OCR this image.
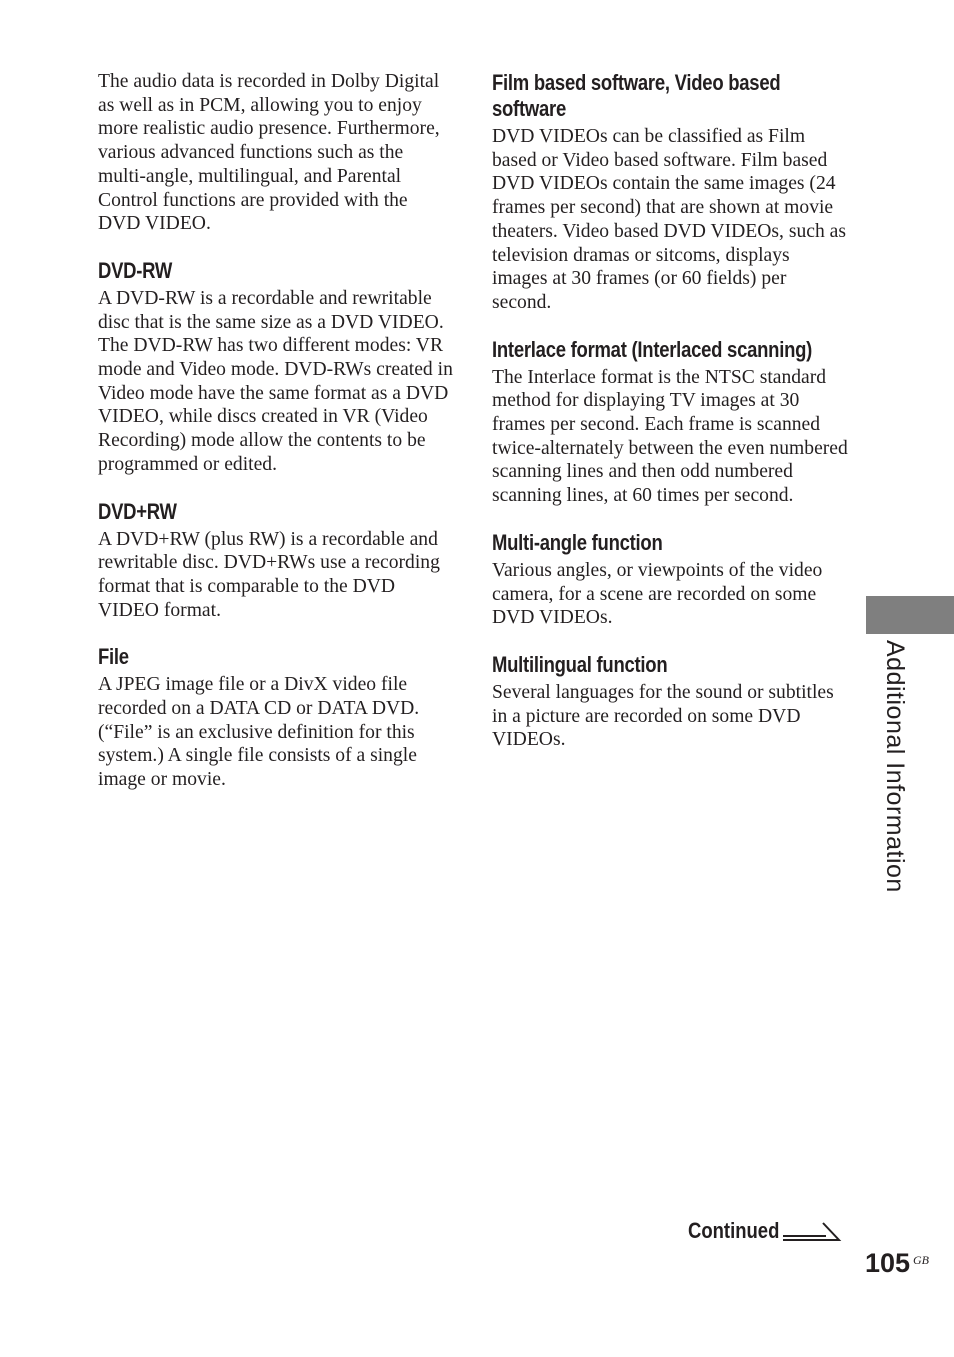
The audio data is recorded in Dolby Digital as well as in PCM, allowing you to enjoy more realistic audio presence. Furthermore, various advanced functions such as the multi-angle, multilingual, and Parental Control functions are provided with the DVD VIDEO.

DVD-RW

A DVD-RW is a recordable and rewritable disc that is the same size as a DVD VIDEO. The DVD-RW has two different modes: VR mode and Video mode. DVD-RWs created in Video mode have the same format as a DVD VIDEO, while discs created in VR (Video Recording) mode allow the contents to be programmed or edited.

DVD+RW

A DVD+RW (plus RW) is a recordable and rewritable disc. DVD+RWs use a recording format that is comparable to the DVD VIDEO format.

File

A JPEG image file or a DivX video file recorded on a DATA CD or DATA DVD. (“File” is an exclusive definition for this system.) A single file consists of a single image or movie.

Film based software, Video based software

DVD VIDEOs can be classified as Film based or Video based software. Film based DVD VIDEOs contain the same images (24 frames per second) that are shown at movie theaters. Video based DVD VIDEOs, such as television dramas or sitcoms, displays images at 30 frames (or 60 fields) per second.

Interlace format (Interlaced scanning)

The Interlace format is the NTSC standard method for displaying TV images at 30 frames per second. Each frame is scanned twice-alternately between the even numbered scanning lines and then odd numbered scanning lines, at 60 times per second.

Multi-angle function

Various angles, or viewpoints of the video camera, for a scene are recorded on some DVD VIDEOs.

Multilingual function

Several languages for the sound or subtitles in a picture are recorded on some DVD VIDEOs.	Additional Information
Continued
105 GB
